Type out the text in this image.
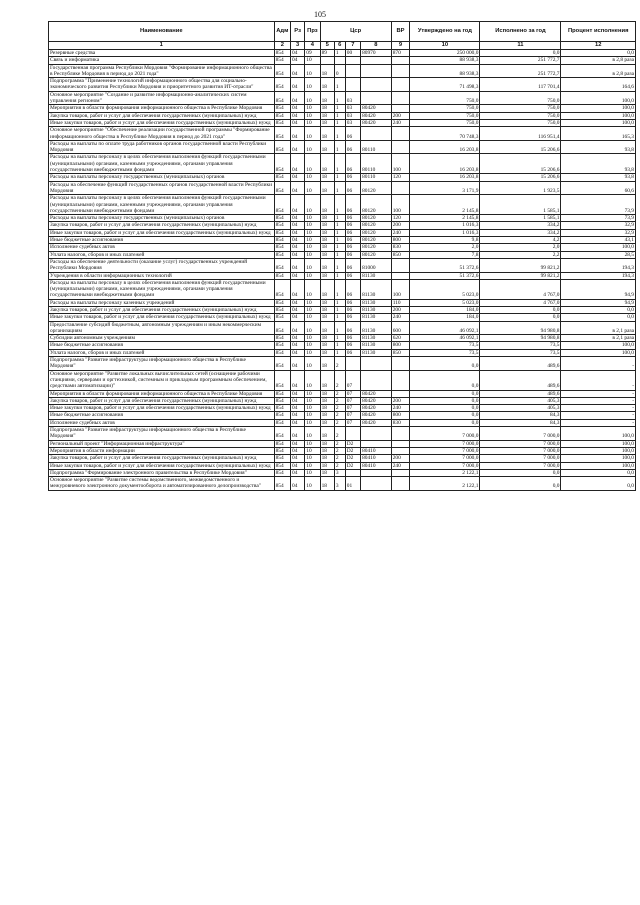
105
Наименование	Адм	Рз	Прз	Цср				ВР	Утверждено на год	Исполнено за год	Процент исполнения
1	2	3	4	5	6	7	8	9	10	11	12
Резервные средства	854	04	09	89	1	00	80970	870	250 000,0	0,0	0,0
Связь и информатика	854	04	10						88 938,3	251 772,7	в 2,8 раза
Государственная программа Республики Мордовия "Формирование информационного общества в Республике Мордовия в период до 2021 года"	854	04	10	18	0				88 938,3	251 772,7	в 2,8 раза
Подпрограмма "Применение технологий информационного общества для социально-экономического развития Республики Мордовия и приоритетного развития ИТ-отрасли"	854	04	10	18	1				71 498,3	117 701,4	164,6
Основное мероприятие "Создание и развитие информационно-аналитических систем управления регионом"	854	04	10	18	1	03			750,0	750,0	100,0
Мероприятия в области формирования информационного общества в Республике Мордовия	854	04	10	18	1	03	80420		750,0	750,0	100,0
Закупка товаров, работ и услуг для обеспечения государственных (муниципальных) нужд	854	04	10	18	1	03	80420	200	750,0	750,0	100,0
Иные закупки товаров, работ и услуг для обеспечения государственных (муниципальных) нужд	854	04	10	18	1	03	80420	240	750,0	750,0	100,0
Основное мероприятие "Обеспечение реализации государственной программы "Формирование информационного общества в Республике Мордовия в период до 2021 года"	854	04	10	18	1	06			70 748,3	116 951,4	165,3
Расходы на выплаты по оплате труда работников органов государственной власти Республики Мордовия	854	04	10	18	1	06	80110		16 203,8	15 206,6	93,8
Расходы на выплаты персоналу в целях обеспечения выполнения функций государственными (муниципальными) органами, казенными учреждениями, органами управления государственными внебюджетными фондами	854	04	10	18	1	06	80110	100	16 203,8	15 206,6	93,8
Расходы на выплаты персоналу государственных (муниципальных) органов	854	04	10	18	1	06	80110	120	16 203,8	15 206,6	93,8
Расходы на обеспечение функций государственных органов государственной власти Республики Мордовия	854	04	10	18	1	06	80120		3 171,9	1 923,5	60,6
Расходы на выплаты персоналу в целях обеспечения выполнения функций государственными (муниципальными) органами, казенными учреждениями, органами управления государственными внебюджетными фондами	854	04	10	18	1	06	80120	100	2 145,8	1 585,1	73,9
Расходы на выплаты персоналу государственных (муниципальных) органов	854	04	10	18	1	06	80120	120	2 145,8	1 585,1	73,9
Закупка товаров, работ и услуг для обеспечения государственных (муниципальных) нужд	854	04	10	18	1	06	80120	200	1 016,3	334,2	32,9
Иные закупки товаров, работ и услуг для обеспечения государственных (муниципальных) нужд	854	04	10	18	1	06	80120	240	1 016,3	334,2	32,9
Иные бюджетные ассигнования	854	04	10	18	1	06	80120	800	9,8	4,2	43,1
Исполнение судебных актов	854	04	10	18	1	06	80120	830	2,0	2,0	100,0
Уплата налогов, сборов и иных платежей	854	04	10	18	1	06	80120	850	7,8	2,2	28,5
Расходы на обеспечение деятельности (оказание услуг) государственных учреждений Республики Мордовия	854	04	10	18	1	06	81000		51 372,6	99 821,2	194,3
Учреждения в области информационных технологий	854	04	10	18	1	06	81130		51 372,6	99 821,2	194,3
Расходы на выплаты персоналу в целях обеспечения выполнения функций государственными (муниципальными) органами, казенными учреждениями, органами управления государственными внебюджетными фондами	854	04	10	18	1	06	81130	100	5 023,0	4 767,0	94,9
Расходы на выплаты персоналу казенных учреждений	854	04	10	18	1	06	81130	110	5 023,0	4 767,0	94,9
Закупка товаров, работ и услуг для обеспечения государственных (муниципальных) нужд	854	04	10	18	1	06	81130	200	184,0	0,0	0,0
Иные закупки товаров, работ и услуг для обеспечения государственных (муниципальных) нужд	854	04	10	18	1	06	81130	240	184,0	0,0	0,0
Предоставление субсидий бюджетным, автономным учреждениям и иным некоммерческим организациям	854	04	10	18	1	06	81130	600	46 092,1	94 980,8	в 2,1 раза
Субсидии автономным учреждениям	854	04	10	18	1	06	81130	620	46 092,1	94 980,8	в 2,1 раза
Иные бюджетные ассигнования	854	04	10	18	1	06	81130	800	73,5	73,5	100,0
Уплата налогов, сборов и иных платежей	854	04	10	18	1	06	81130	850	73,5	73,5	100,0
Подпрограмма "Развитие инфраструктуры информационного общества в Республике Мордовия"	854	04	10	18	2				0,0	489,6	-
Основное мероприятие "Развитие локальных вычислительных сетей (оснащение рабочими станциями, серверами и оргтехникой, системным и прикладным программным обеспечением, средствами автоматизации)"	854	04	10	18	2	07			0,0	489,6	-
Мероприятия в области формирования информационного общества в Республике Мордовия	854	04	10	18	2	07	80420		0,0	489,6	-
Закупка товаров, работ и услуг для обеспечения государственных (муниципальных) нужд	854	04	10	18	2	07	80420	200	0,0	405,3	-
Иные закупки товаров, работ и услуг для обеспечения государственных (муниципальных) нужд	854	04	10	18	2	07	80420	240	0,0	405,3	-
Иные бюджетные ассигнования	854	04	10	18	2	07	80420	800	0,0	84,3	-
Исполнение судебных актов	854	04	10	18	2	07	80420	830	0,0	84,3	-
Подпрограмма "Развитие инфраструктуры информационного общества в Республике Мордовия"	854	04	10	18	2				7 000,0	7 000,0	100,0
Региональный проект "Информационная инфраструктура"	854	04	10	18	2	D2			7 000,0	7 000,0	100,0
Мероприятия в области информации	854	04	10	18	2	D2	80410		7 000,0	7 000,0	100,0
Закупка товаров, работ и услуг для обеспечения государственных (муниципальных) нужд	854	04	10	18	2	D2	80410	200	7 000,0	7 000,0	100,0
Иные закупки товаров, работ и услуг для обеспечения государственных (муниципальных) нужд	854	04	10	18	2	D2	80410	240	7 000,0	7 000,0	100,0
Подпрограмма "Формирование электронного правительства в Республике Мордовия"	854	04	10	18	3				2 122,1	0,0	0,0
Основное мероприятие "Развитие системы ведомственного, межведомственного и межуровневого электронного документооборота и автоматизированного делопроизводства"	854	04	10	18	3	01			2 122,1	0,0	0,0
